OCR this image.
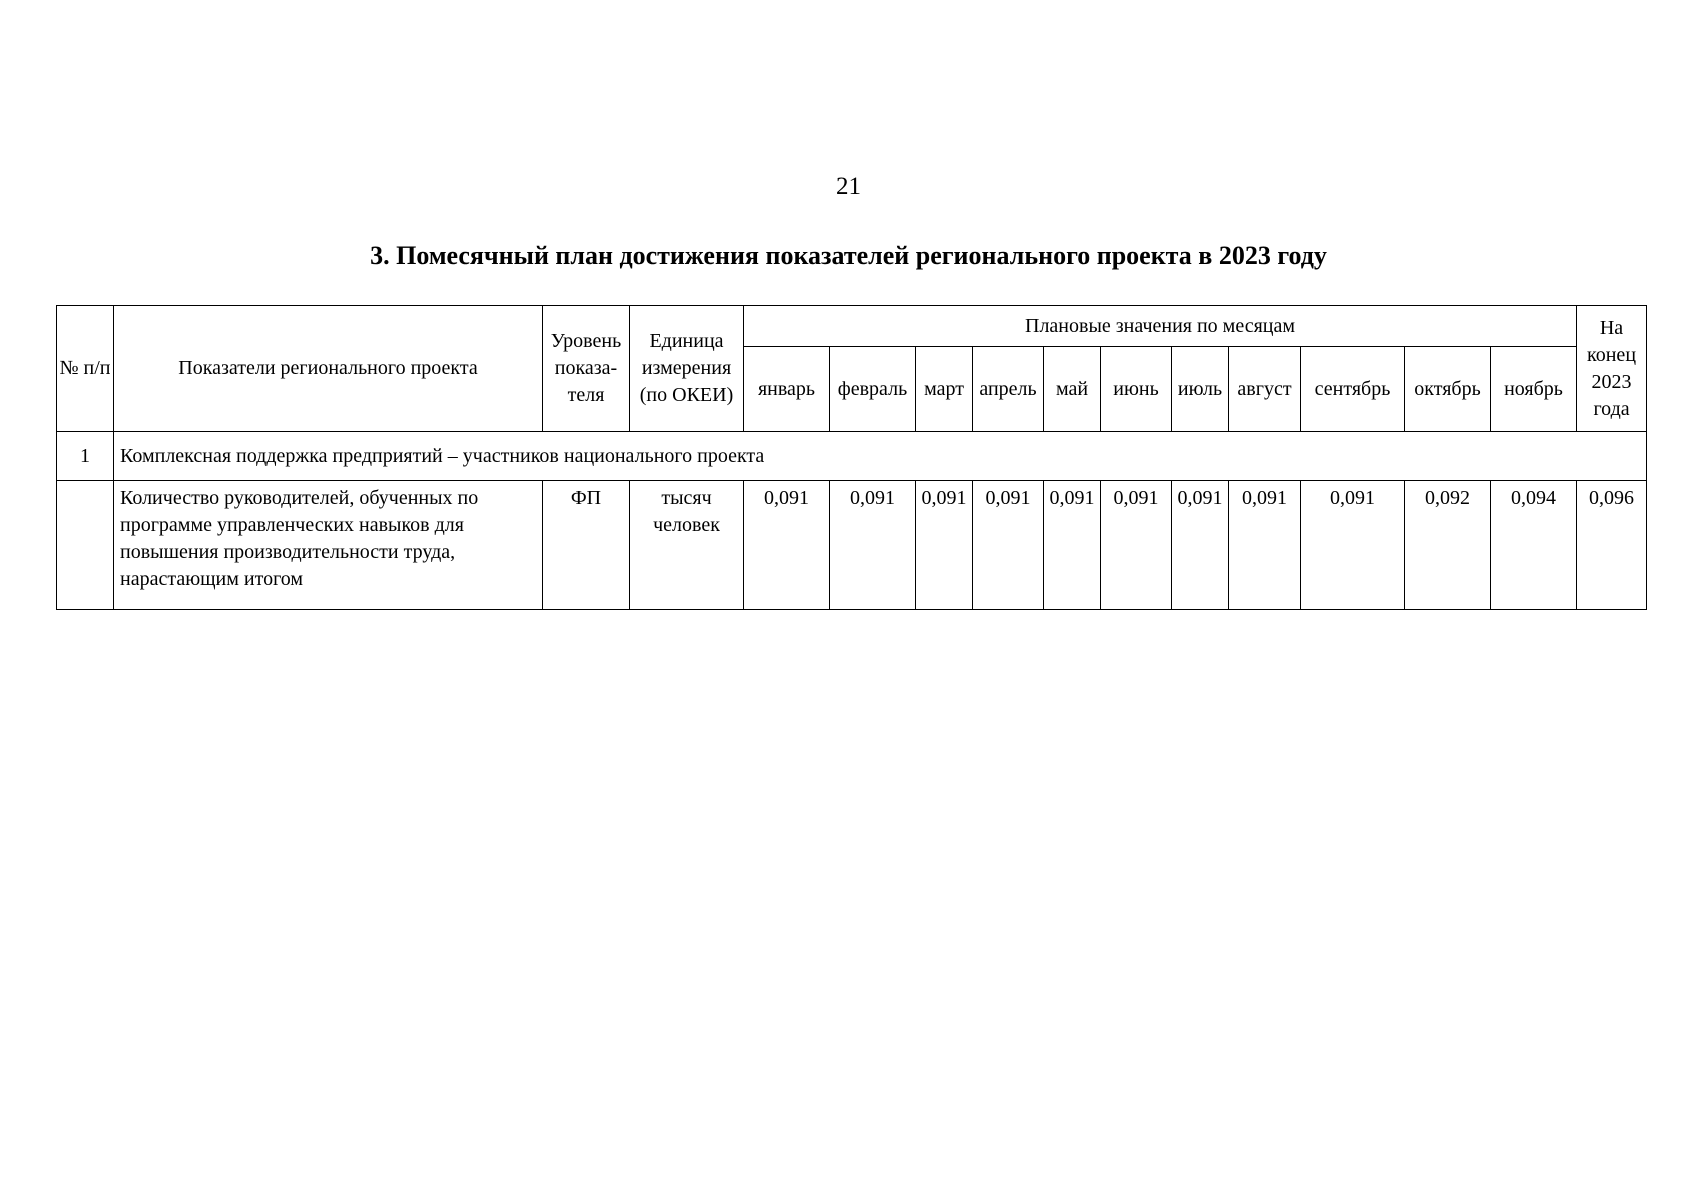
21
3. Помесячный план достижения показателей регионального проекта в 2023 году
№ п/п	Показатели регионального проекта	Уровень показа-теля	Единица измерения (по ОКЕИ)	Плановые значения по месяцам											На конец 2023 года
				январь	февраль	март	апрель	май	июнь	июль	август	сентябрь	октябрь	ноябрь	
1	Комплексная поддержка предприятий – участников национального проекта														
	Количество руководителей, обученных по программе управленческих навыков для повышения производительности труда, нарастающим итогом	ФП	тысяч человек	0,091	0,091	0,091	0,091	0,091	0,091	0,091	0,091	0,091	0,092	0,094	0,096
